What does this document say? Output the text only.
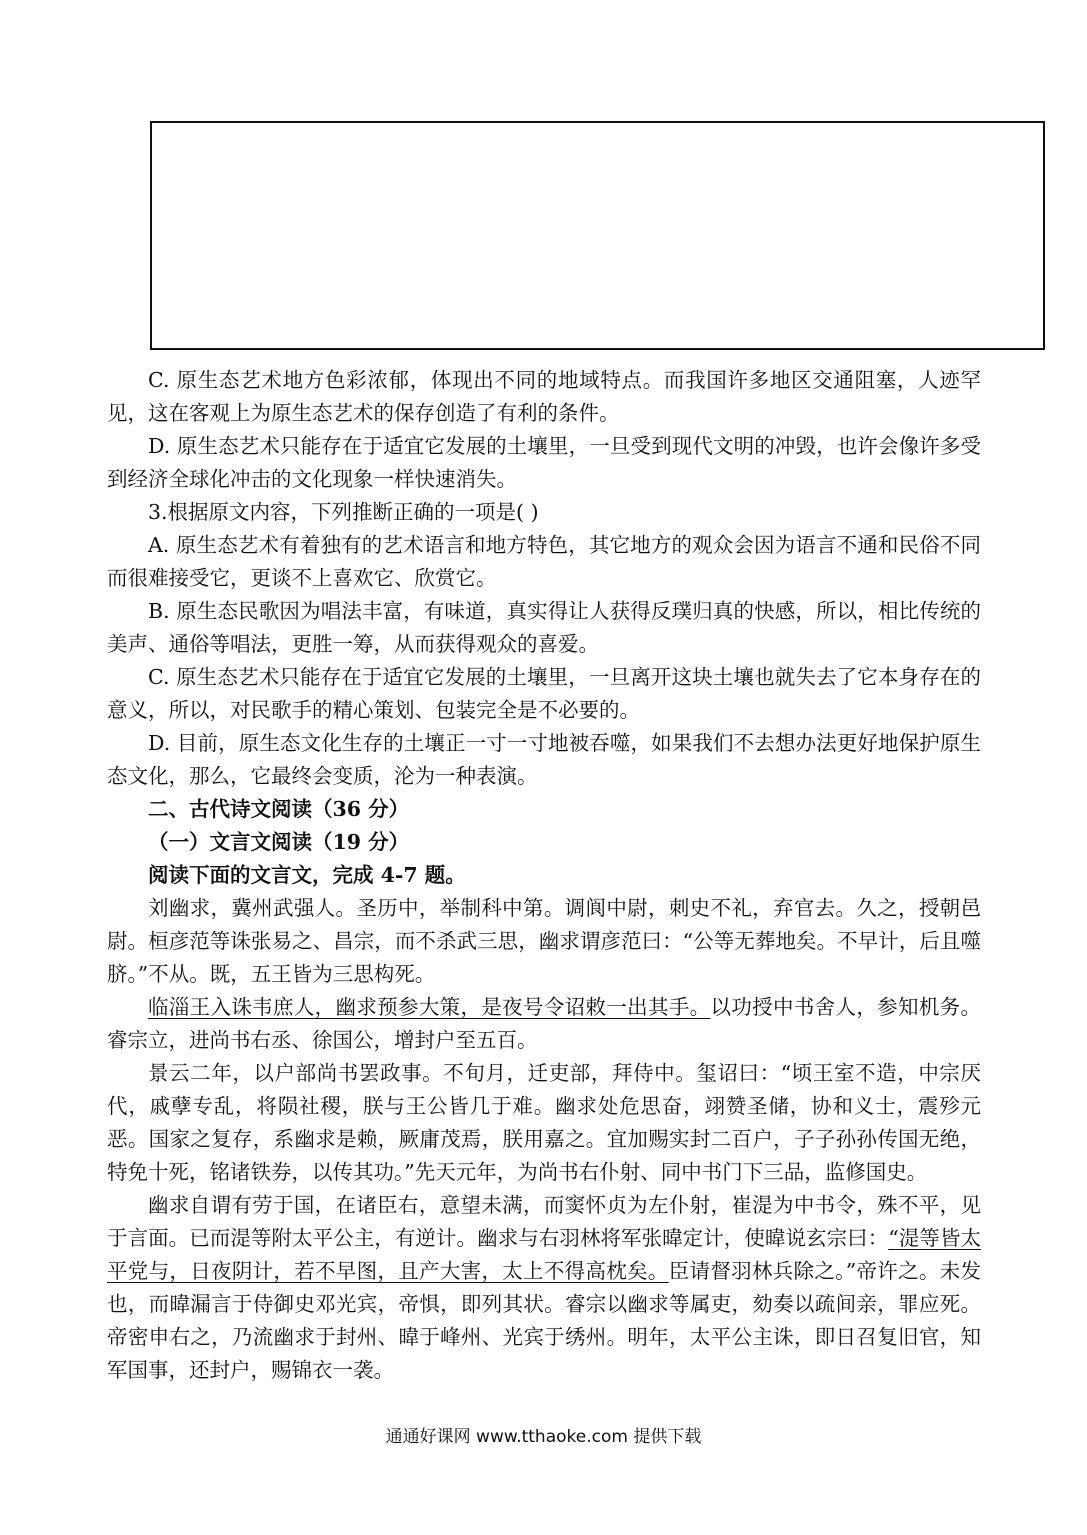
C. 原生态艺术地方色彩浓郁，体现出不同的地域特点。而我国许多地区交通阻塞，人迹罕见，这在客观上为原生态艺术的保存创造了有利的条件。

D. 原生态艺术只能存在于适宜它发展的土壤里，一旦受到现代文明的冲毁，也许会像许多受到经济全球化冲击的文化现象一样快速消失。

3.根据原文内容，下列推断正确的一项是( )

A. 原生态艺术有着独有的艺术语言和地方特色，其它地方的观众会因为语言不通和民俗不同而很难接受它，更谈不上喜欢它、欣赏它。

B. 原生态民歌因为唱法丰富，有味道，真实得让人获得反璞归真的快感，所以，相比传统的美声、通俗等唱法，更胜一筹，从而获得观众的喜爱。

C. 原生态艺术只能存在于适宜它发展的土壤里，一旦离开这块土壤也就失去了它本身存在的意义，所以，对民歌手的精心策划、包装完全是不必要的。

D. 目前，原生态文化生存的土壤正一寸一寸地被吞噬，如果我们不去想办法更好地保护原生态文化，那么，它最终会变质，沦为一种表演。

二、古代诗文阅读（36 分）

（一）文言文阅读（19 分）

阅读下面的文言文，完成 4-7 题。

刘幽求，冀州武强人。圣历中，举制科中第。调阆中尉，刺史不礼，弃官去。久之，授朝邑尉。桓彦范等诛张易之、昌宗，而不杀武三思，幽求谓彦范曰：“公等无葬地矣。不早计，后且噬脐。”不从。既，五王皆为三思构死。

临淄王入诛韦庶人，幽求预参大策，是夜号令诏敕一出其手。以功授中书舍人，参知机务。睿宗立，进尚书右丞、徐国公，增封户至五百。

景云二年，以户部尚书罢政事。不旬月，迁吏部，拜侍中。玺诏曰：“顷王室不造，中宗厌代，戚孽专乱，将陨社稷，朕与王公皆几于难。幽求处危思奋，翊赞圣储，协和义士，震殄元恶。国家之复存，系幽求是赖，厥庸茂焉，朕用嘉之。宜加赐实封二百户，子子孙孙传国无绝，特免十死，铭诸铁券，以传其功。”先天元年，为尚书右仆射、同中书门下三品，监修国史。

幽求自谓有劳于国，在诸臣右，意望未满，而窦怀贞为左仆射，崔湜为中书令，殊不平，见于言面。已而湜等附太平公主，有逆计。幽求与右羽林将军张暐定计，使暐说玄宗曰：“湜等皆太平党与，日夜阴计，若不早图，且产大害，太上不得高枕矣。臣请督羽林兵除之。”帝许之。未发也，而暐漏言于侍御史邓光宾，帝惧，即列其状。睿宗以幽求等属吏，劾奏以疏间亲，罪应死。帝密申右之，乃流幽求于封州、暐于峰州、光宾于绣州。明年，太平公主诛，即日召复旧官，知军国事，还封户，赐锦衣一袭。

通通好课网 www.tthaoke.com 提供下载
